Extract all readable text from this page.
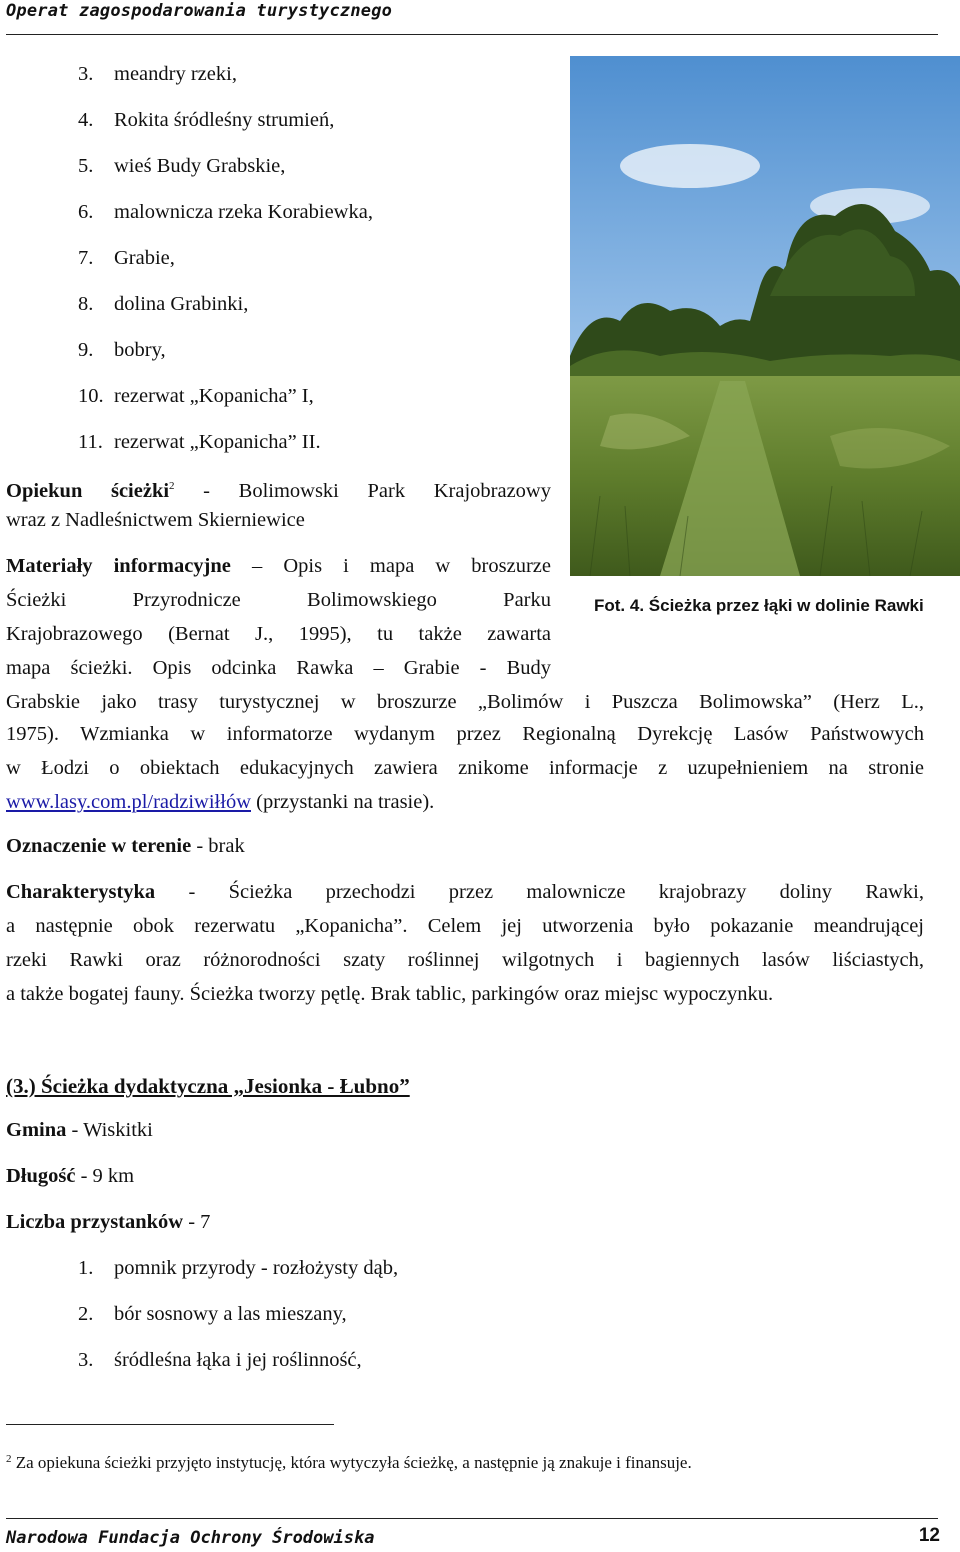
Operat zagospodarowania turystycznego
3. meandry rzeki,
4. Rokita śródleśny strumień,
5. wieś Budy Grabskie,
6. malownicza rzeka Korabiewka,
7. Grabie,
8. dolina Grabinki,
9. bobry,
10. rezerwat „Kopanicha” I,
11. rezerwat „Kopanicha” II.
Opiekun ścieżki$^2$ - Bolimowski Park Krajobrazowy
wraz z Nadleśnictwem Skierniewice
Materiały informacyjne – Opis i mapa w broszurze
Ścieżki Przyrodnicze Bolimowskiego Parku
Krajobrazowego (Bernat J., 1995), tu także zawarta
mapa ścieżki. Opis odcinka Rawka – Grabie - Budy
Grabskie jako trasy turystycznej w broszurze „Bolimów i Puszcza Bolimowska” (Herz L.,
1975). Wzmianka w informatorze wydanym przez Regionalną Dyrekcję Lasów Państwowych
w Łodzi o obiektach edukacyjnych zawiera znikome informacje z uzupełnieniem na stronie
www.lasy.com.pl/radziwiłłów (przystanki na trasie).
Fot. 4. Ścieżka przez łąki w dolinie Rawki
Oznaczenie w terenie - brak
Charakterystyka - Ścieżka przechodzi przez malownicze krajobrazy doliny Rawki,
a następnie obok rezerwatu „Kopanicha”. Celem jej utworzenia było pokazanie meandrującej
rzeki Rawki oraz różnorodności szaty roślinnej wilgotnych i bagiennych lasów liściastych,
a także bogatej fauny. Ścieżka tworzy pętlę. Brak tablic, parkingów oraz miejsc wypoczynku.
(3.) Ścieżka dydaktyczna „Jesionka - Łubno”
Gmina - Wiskitki
Długość - 9 km
Liczba przystanków - 7
1. pomnik przyrody - rozłożysty dąb,
2. bór sosnowy a las mieszany,
3. śródleśna łąka i jej roślinność,
$^2$ Za opiekuna ścieżki przyjęto instytucję, która wytyczyła ścieżkę, a następnie ją znakuje i finansuje.
Narodowa Fundacja Ochrony Środowiska	12
